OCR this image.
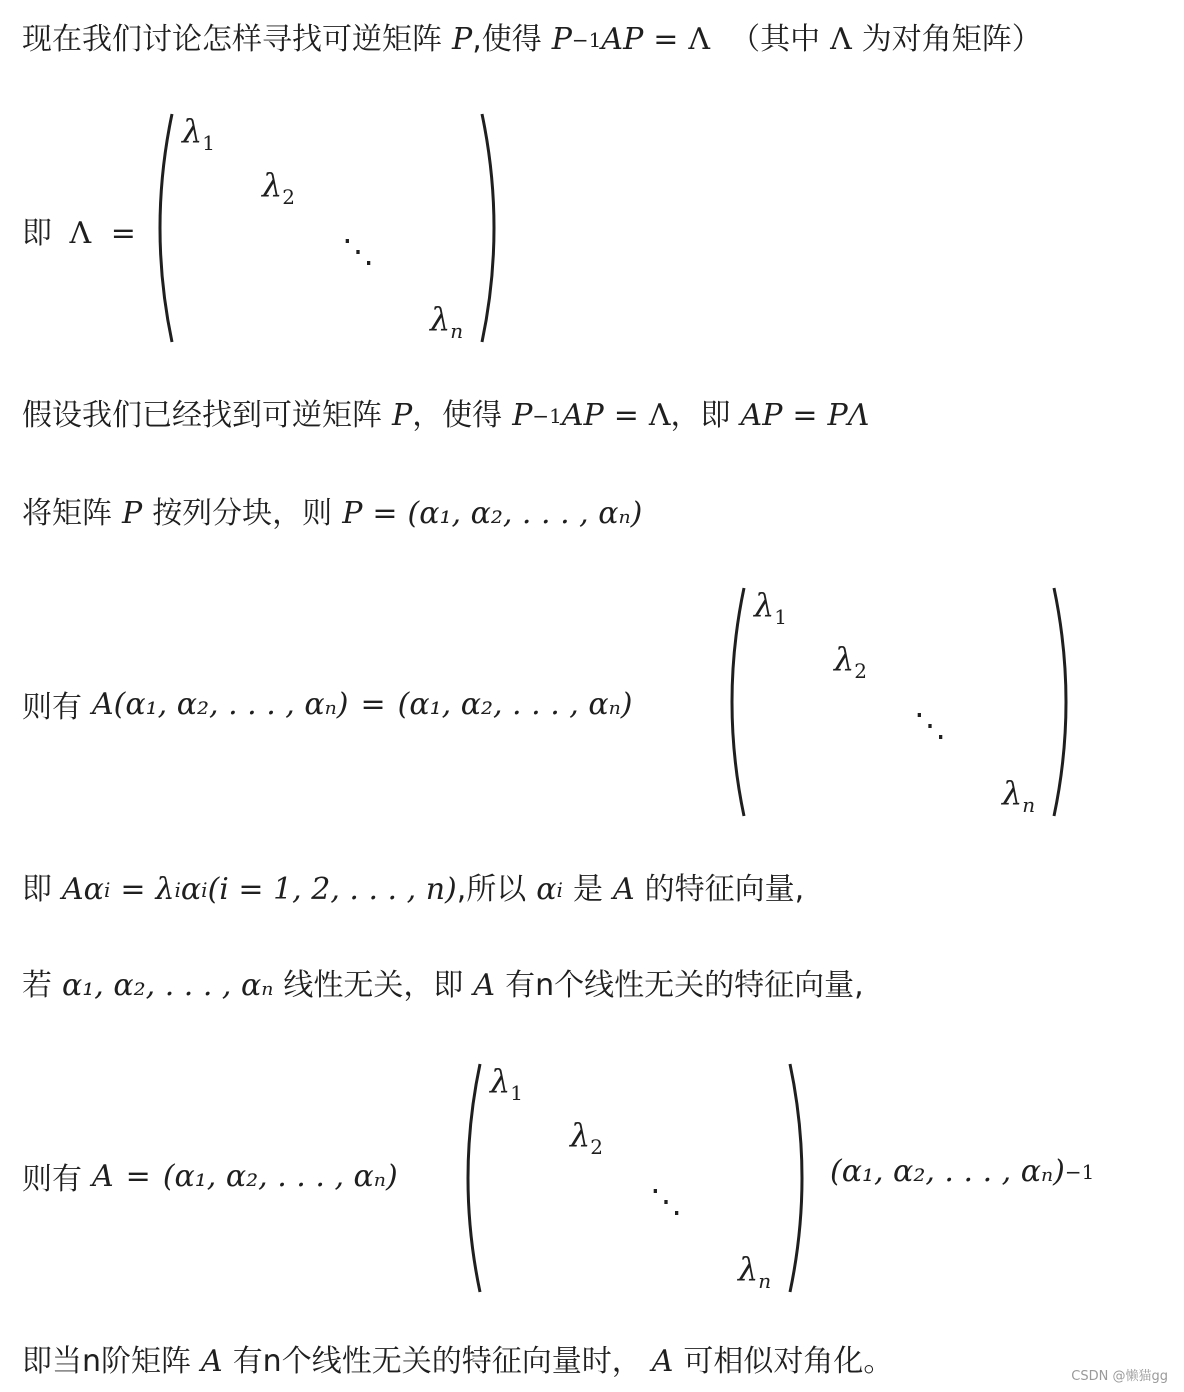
现在我们讨论怎样寻找可逆矩阵 P ,使得 P −1 AP = Λ （其中 Λ 为对角矩阵）
即 Λ =
$\lambda_1$
$\lambda_2$
⋱
$\lambda_n$
假设我们已经找到可逆矩阵 P ，使得 P −1 AP = Λ ，即 AP = PΛ
将矩阵 P 按列分块，则 P = (α₁, α₂, . . . , αₙ)
则有 A(α₁, α₂, . . . , αₙ) = (α₁, α₂, . . . , αₙ)
$\lambda_1$
$\lambda_2$
⋱
$\lambda_n$
即 A α i = λ i α i (i = 1, 2, . . . , n) ,所以 α i 是 A 的特征向量,
若 α₁, α₂, . . . , αₙ 线性无关，即 A 有n个线性无关的特征向量,
则有 A = (α₁, α₂, . . . , αₙ)
$\lambda_1$
$\lambda_2$
⋱
$\lambda_n$
(α₁, α₂, . . . , αₙ) −1
即当n阶矩阵 A 有n个线性无关的特征向量时， A 可相似对角化。	CSDN @懒猫gg
